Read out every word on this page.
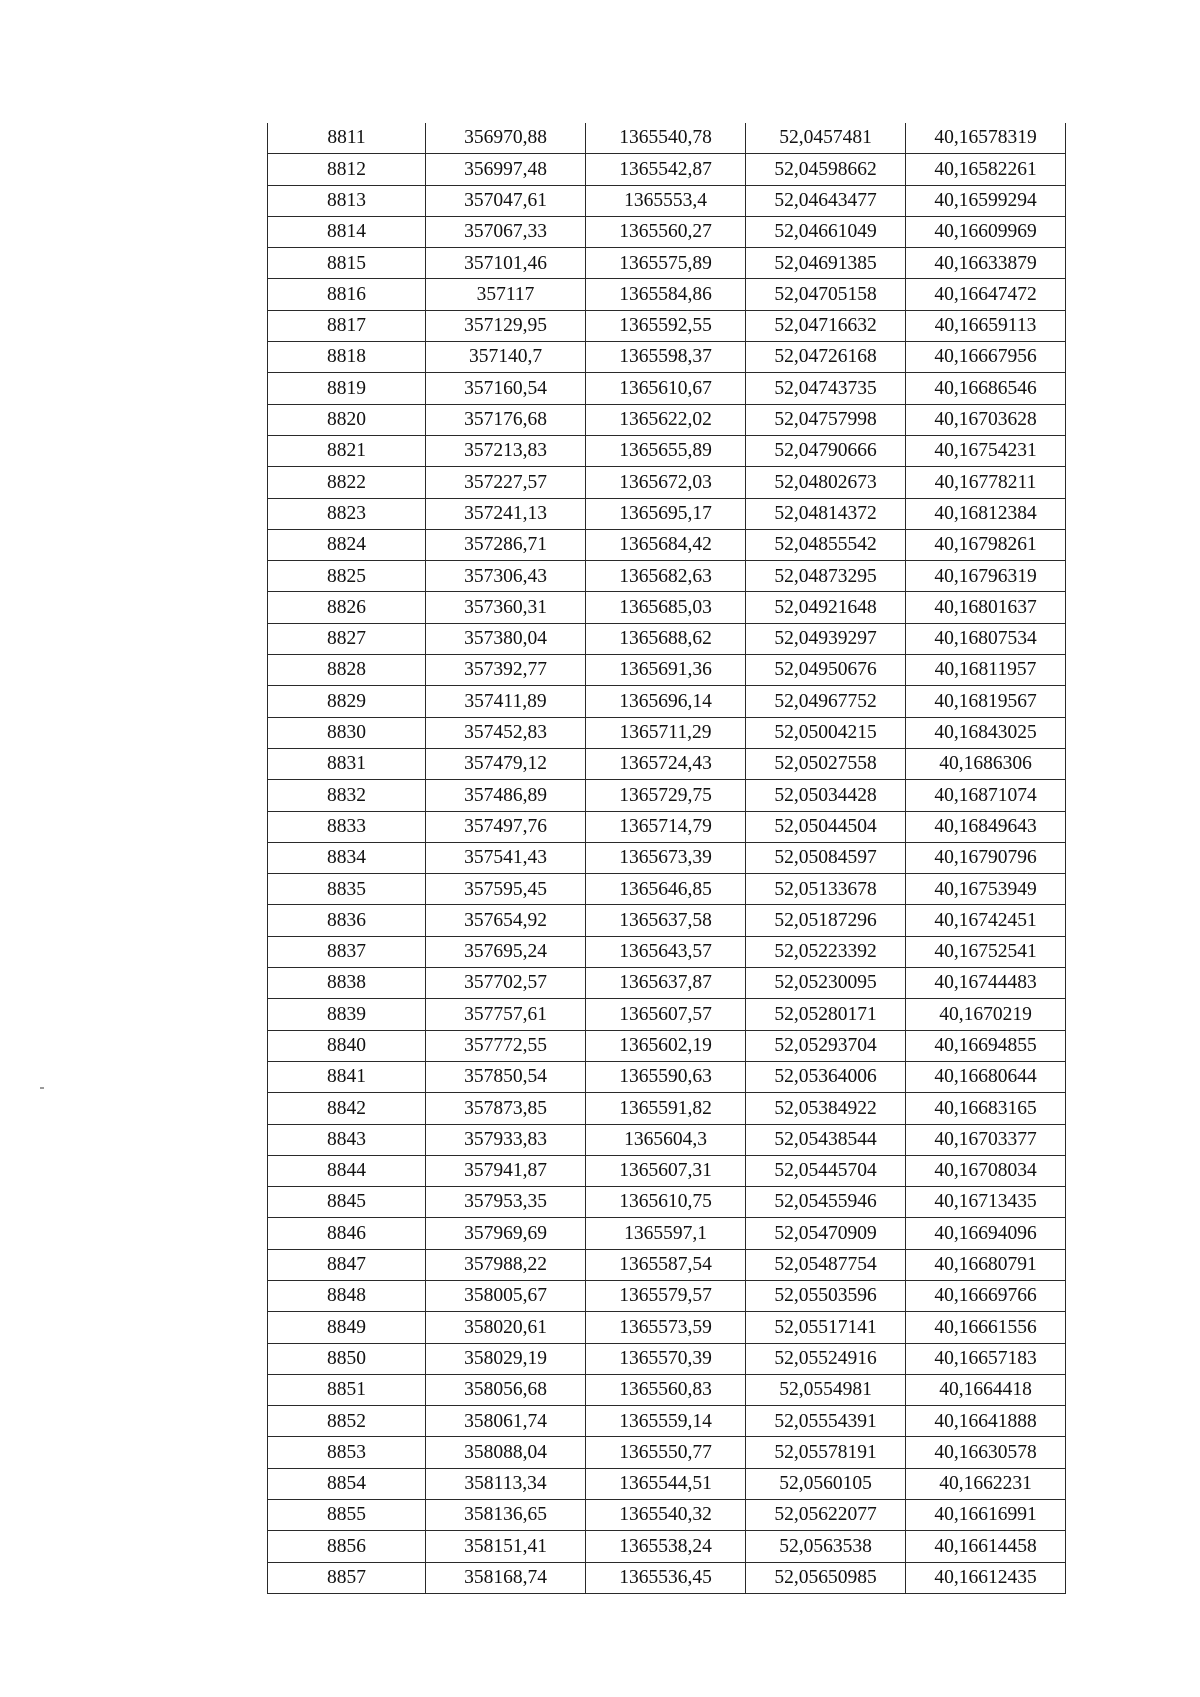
8811	356970,88	1365540,78	52,0457481	40,16578319
8812	356997,48	1365542,87	52,04598662	40,16582261
8813	357047,61	1365553,4	52,04643477	40,16599294
8814	357067,33	1365560,27	52,04661049	40,16609969
8815	357101,46	1365575,89	52,04691385	40,16633879
8816	357117	1365584,86	52,04705158	40,16647472
8817	357129,95	1365592,55	52,04716632	40,16659113
8818	357140,7	1365598,37	52,04726168	40,16667956
8819	357160,54	1365610,67	52,04743735	40,16686546
8820	357176,68	1365622,02	52,04757998	40,16703628
8821	357213,83	1365655,89	52,04790666	40,16754231
8822	357227,57	1365672,03	52,04802673	40,16778211
8823	357241,13	1365695,17	52,04814372	40,16812384
8824	357286,71	1365684,42	52,04855542	40,16798261
8825	357306,43	1365682,63	52,04873295	40,16796319
8826	357360,31	1365685,03	52,04921648	40,16801637
8827	357380,04	1365688,62	52,04939297	40,16807534
8828	357392,77	1365691,36	52,04950676	40,16811957
8829	357411,89	1365696,14	52,04967752	40,16819567
8830	357452,83	1365711,29	52,05004215	40,16843025
8831	357479,12	1365724,43	52,05027558	40,1686306
8832	357486,89	1365729,75	52,05034428	40,16871074
8833	357497,76	1365714,79	52,05044504	40,16849643
8834	357541,43	1365673,39	52,05084597	40,16790796
8835	357595,45	1365646,85	52,05133678	40,16753949
8836	357654,92	1365637,58	52,05187296	40,16742451
8837	357695,24	1365643,57	52,05223392	40,16752541
8838	357702,57	1365637,87	52,05230095	40,16744483
8839	357757,61	1365607,57	52,05280171	40,1670219
8840	357772,55	1365602,19	52,05293704	40,16694855
8841	357850,54	1365590,63	52,05364006	40,16680644
8842	357873,85	1365591,82	52,05384922	40,16683165
8843	357933,83	1365604,3	52,05438544	40,16703377
8844	357941,87	1365607,31	52,05445704	40,16708034
8845	357953,35	1365610,75	52,05455946	40,16713435
8846	357969,69	1365597,1	52,05470909	40,16694096
8847	357988,22	1365587,54	52,05487754	40,16680791
8848	358005,67	1365579,57	52,05503596	40,16669766
8849	358020,61	1365573,59	52,05517141	40,16661556
8850	358029,19	1365570,39	52,05524916	40,16657183
8851	358056,68	1365560,83	52,0554981	40,1664418
8852	358061,74	1365559,14	52,05554391	40,16641888
8853	358088,04	1365550,77	52,05578191	40,16630578
8854	358113,34	1365544,51	52,0560105	40,1662231
8855	358136,65	1365540,32	52,05622077	40,16616991
8856	358151,41	1365538,24	52,0563538	40,16614458
8857	358168,74	1365536,45	52,05650985	40,16612435
